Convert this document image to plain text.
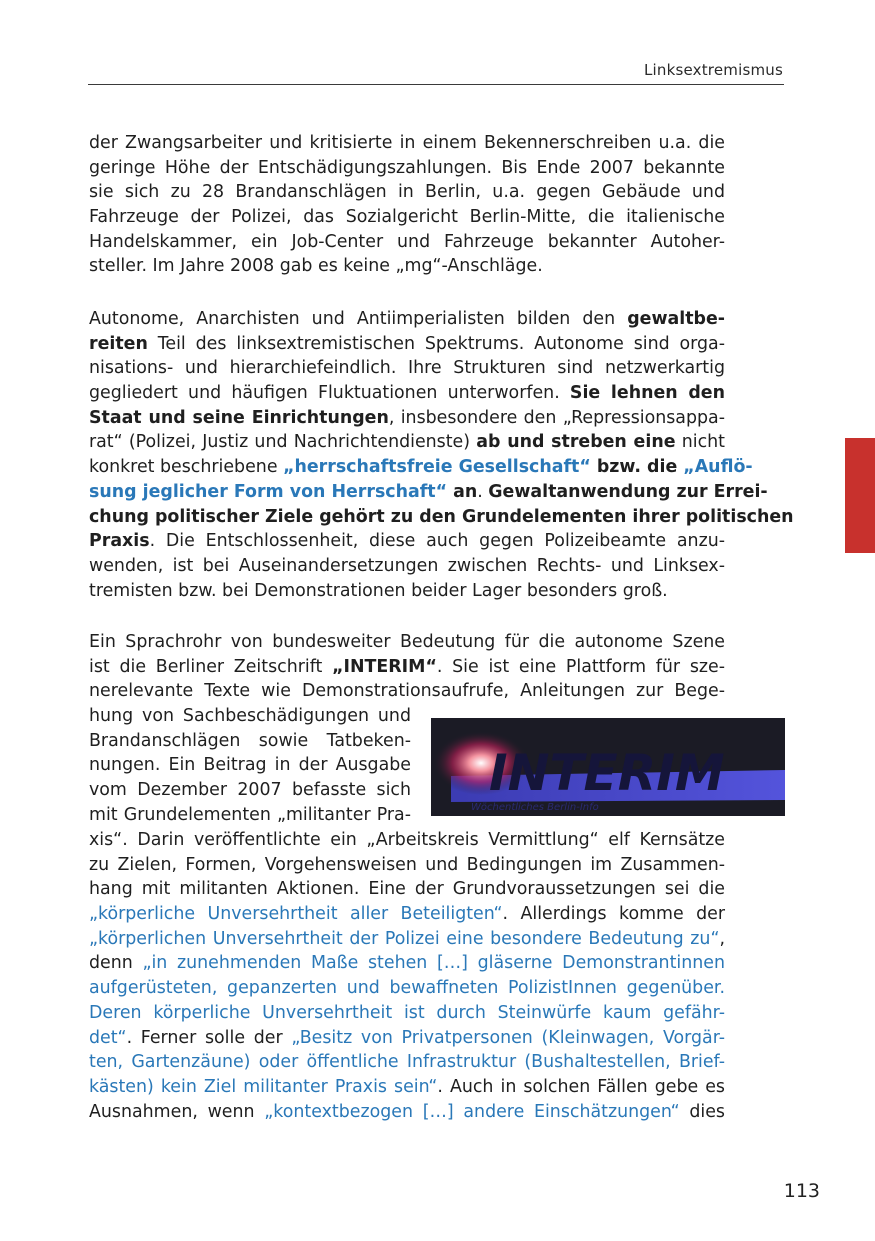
Linksextremismus
der Zwangsarbeiter und kritisierte in einem Bekennerschreiben u.a. die
geringe Höhe der Entschädigungszahlungen. Bis Ende 2007 bekannte
sie sich zu 28 Brandanschlägen in Berlin, u.a. gegen Gebäude und
Fahrzeuge der Polizei, das Sozialgericht Berlin-Mitte, die italienische
Handelskammer, ein Job-Center und Fahrzeuge bekannter Autoher-
steller. Im Jahre 2008 gab es keine „mg“-Anschläge.
Autonome, Anarchisten und Antiimperialisten bilden den gewaltbe-
reiten Teil des linksextremistischen Spektrums. Autonome sind orga-
nisations- und hierarchiefeindlich. Ihre Strukturen sind netzwerkartig
gegliedert und häufigen Fluktuationen unterworfen. Sie lehnen den
Staat und seine Einrichtungen, insbesondere den „Repressionsappa-
rat“ (Polizei, Justiz und Nachrichtendienste) ab und streben eine nicht
konkret beschriebene „herrschaftsfreie Gesellschaft“ bzw. die „Auflö-
sung jeglicher Form von Herrschaft“ an. Gewaltanwendung zur Errei-
chung politischer Ziele gehört zu den Grundelementen ihrer politischen
Praxis. Die Entschlossenheit, diese auch gegen Polizeibeamte anzu-
wenden, ist bei Auseinandersetzungen zwischen Rechts- und Linksex-
tremisten bzw. bei Demonstrationen beider Lager besonders groß.
Ein Sprachrohr von bundesweiter Bedeutung für die autonome Szene
ist die Berliner Zeitschrift „INTERIM“. Sie ist eine Plattform für sze-
nerelevante Texte wie Demonstrationsaufrufe, Anleitungen zur Bege-
hung von Sachbeschädigungen und
Brandanschlägen sowie Tatbeken-
nungen. Ein Beitrag in der Ausgabe
vom Dezember 2007 befasste sich
mit Grundelementen „militanter Pra-
xis“. Darin veröffentlichte ein „Arbeitskreis Vermittlung“ elf Kernsätze
zu Zielen, Formen, Vorgehensweisen und Bedingungen im Zusammen-
hang mit militanten Aktionen. Eine der Grundvoraussetzungen sei die
„körperliche Unversehrtheit aller Beteiligten“. Allerdings komme der
„körperlichen Unversehrtheit der Polizei eine besondere Bedeutung zu“,
denn „in zunehmenden Maße stehen […] gläserne Demonstrantinnen
aufgerüsteten, gepanzerten und bewaffneten PolizistInnen gegenüber.
Deren körperliche Unversehrtheit ist durch Steinwürfe kaum gefähr-
det“. Ferner solle der „Besitz von Privatpersonen (Kleinwagen, Vorgär-
ten, Gartenzäune) oder öffentliche Infrastruktur (Bushaltestellen, Brief-
kästen) kein Ziel militanter Praxis sein“. Auch in solchen Fällen gebe es
Ausnahmen, wenn „kontextbezogen […] andere Einschätzungen“ dies
INTERIM
Wöchentliches Berlin-Info
113
